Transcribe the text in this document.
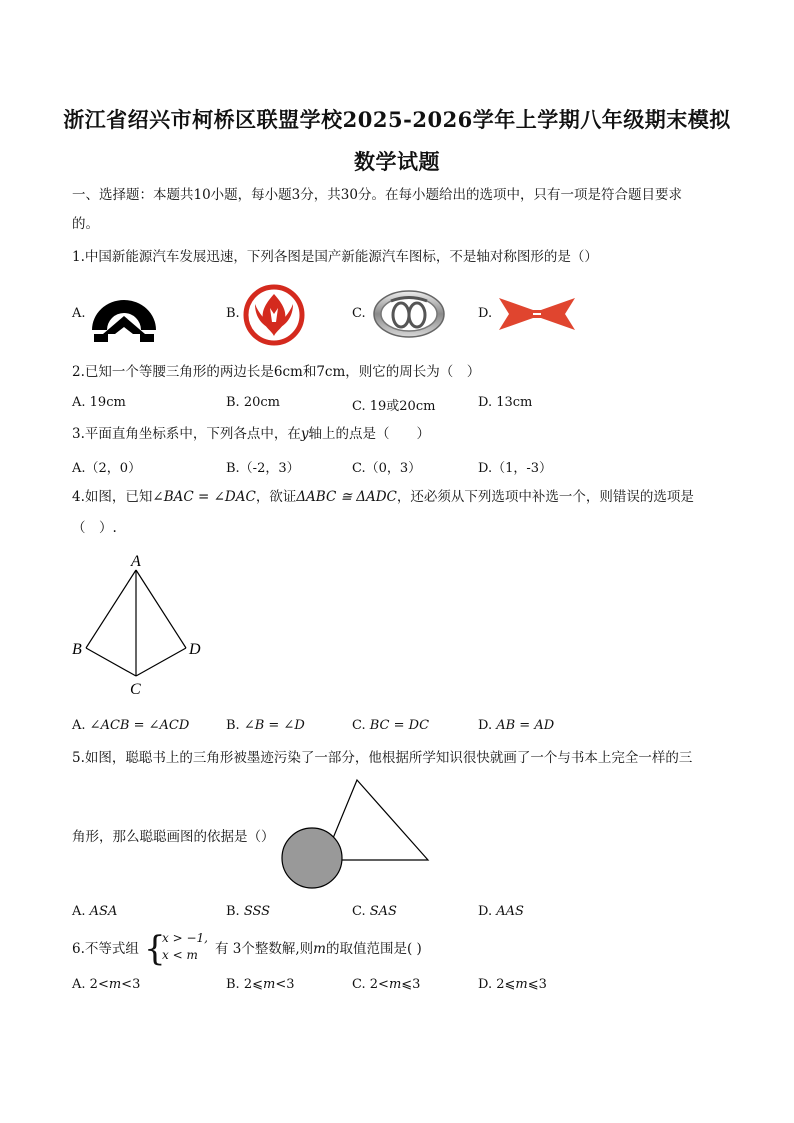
浙江省绍兴市柯桥区联盟学校2025-2026学年上学期八年级期末模拟
数学试题
一、选择题：本题共10小题，每小题3分，共30分。在每小题给出的选项中，只有一项是符合题目要求
的。
1.中国新能源汽车发展迅速，下列各图是国产新能源汽车图标，不是轴对称图形的是（）
A.	B.	C.	D.
2.已知一个等腰三角形的两边长是6cm和7cm，则它的周长为（　）
A. 19cm	B. 20cm	C. 19或20cm	D. 13cm
3.平面直角坐标系中，下列各点中，在y轴上的点是（　　）
A.（2，0）	B.（-2，3）	C.（0，3）	D.（1，-3）
4.如图，已知∠BAC = ∠DAC，欲证ΔABC ≅ ΔADC，还必须从下列选项中补选一个，则错误的选项是
（　）.
A
B
C
D
A. ∠ACB = ∠ACD	B. ∠B = ∠D	C. BC = DC	D. AB = AD
5.如图，聪聪书上的三角形被墨迹污染了一部分，他根据所学知识很快就画了一个与书本上完全一样的三
角形，那么聪聪画图的依据是（）
A. ASA	B. SSS	C. SAS	D. AAS
6.不等式组 {
x > −1,
x < m 有 3个整数解,则m的取值范围是( )
A. 2<m<3	B. 2⩽m<3	C. 2<m⩽3	D. 2⩽m⩽3
